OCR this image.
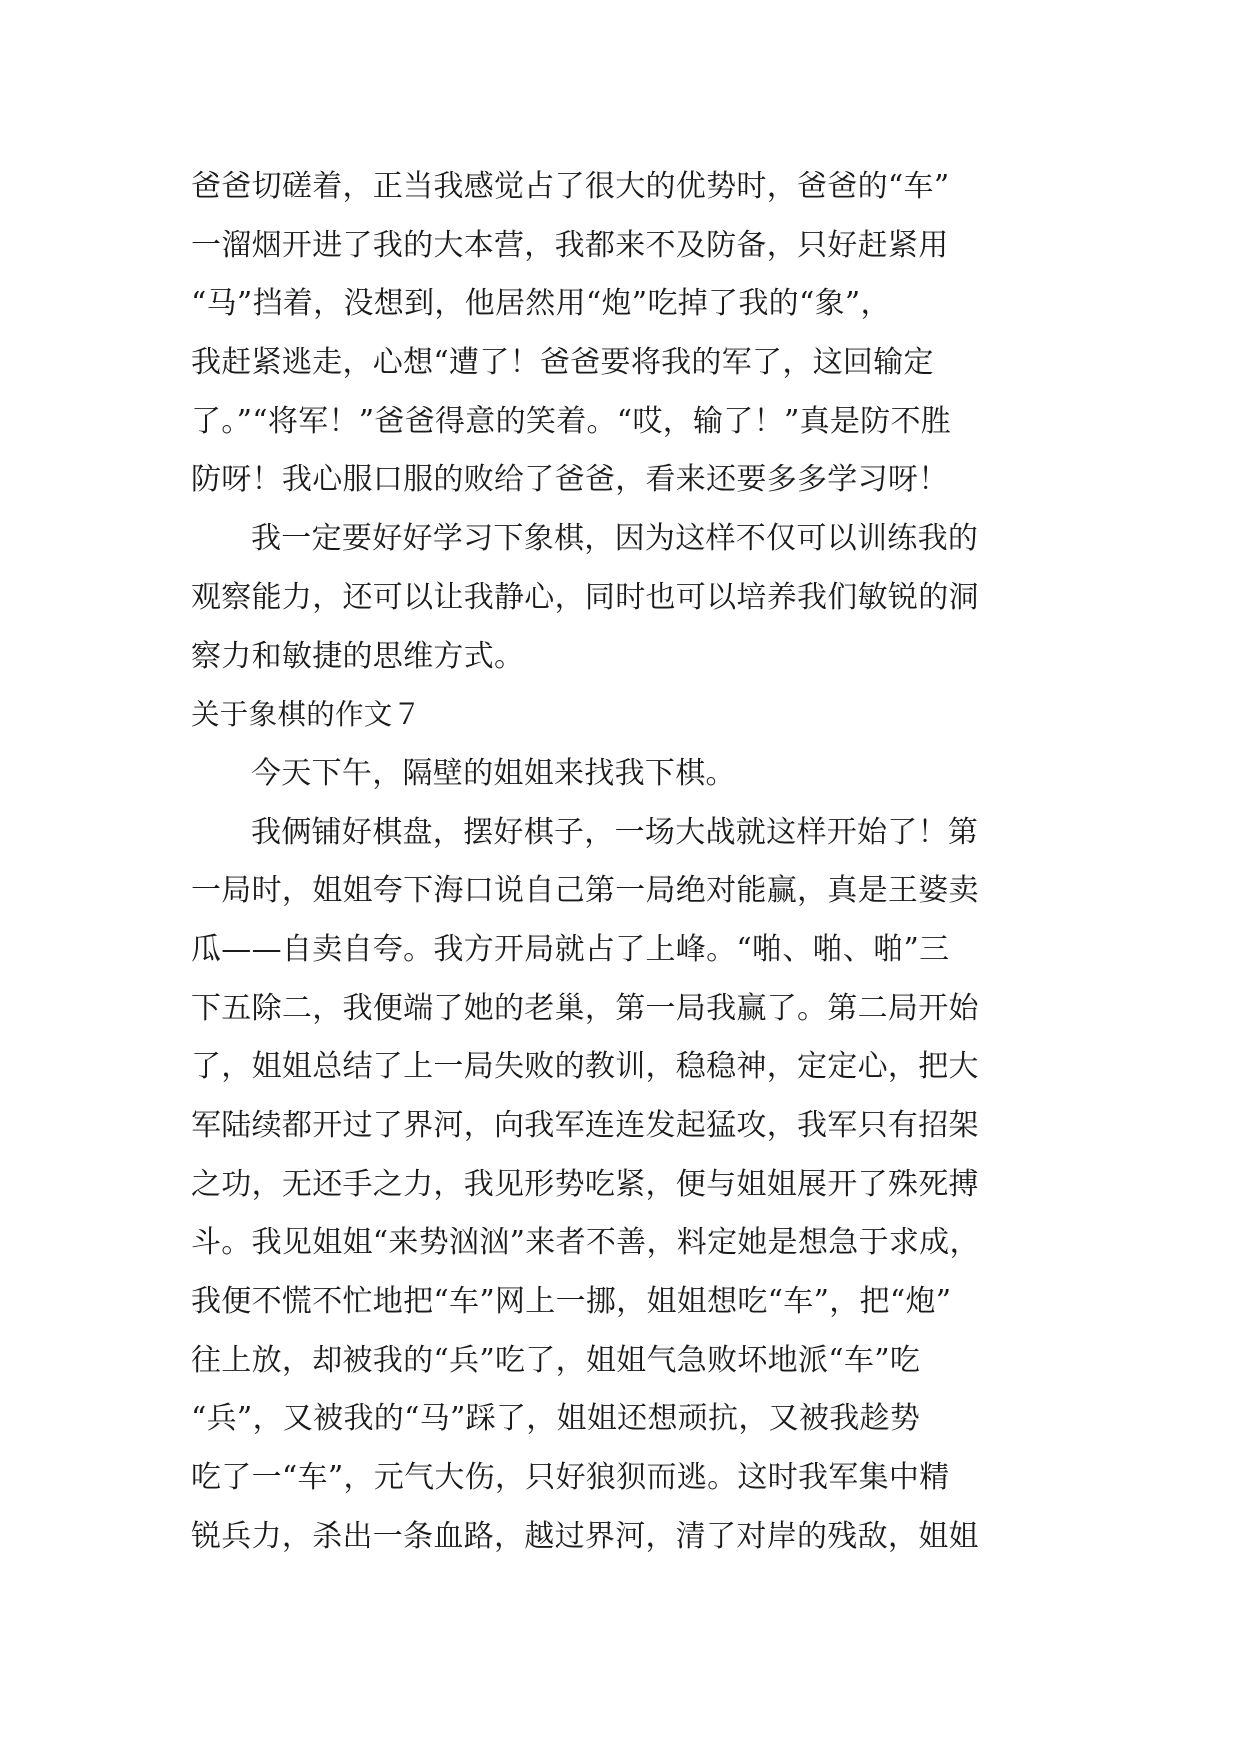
爸爸切磋着，正当我感觉占了很大的优势时，爸爸的“车”
一溜烟开进了我的大本营，我都来不及防备，只好赶紧用
“马”挡着，没想到，他居然用“炮”吃掉了我的“象”，
我赶紧逃走，心想“遭了！爸爸要将我的军了，这回输定
了。”“将军！”爸爸得意的笑着。“哎，输了！”真是防不胜
防呀！我心服口服的败给了爸爸，看来还要多多学习呀！
我一定要好好学习下象棋，因为这样不仅可以训练我的
观察能力，还可以让我静心，同时也可以培养我们敏锐的洞
察力和敏捷的思维方式。
关于象棋的作文７
今天下午，隔壁的姐姐来找我下棋。
我俩铺好棋盘，摆好棋子，一场大战就这样开始了！第
一局时，姐姐夸下海口说自己第一局绝对能赢，真是王婆卖
瓜——自卖自夸。我方开局就占了上峰。“啪、啪、啪”三
下五除二，我便端了她的老巢，第一局我赢了。第二局开始
了，姐姐总结了上一局失败的教训，稳稳神，定定心，把大
军陆续都开过了界河，向我军连连发起猛攻，我军只有招架
之功，无还手之力，我见形势吃紧，便与姐姐展开了殊死搏
斗。我见姐姐“来势汹汹”来者不善，料定她是想急于求成，
我便不慌不忙地把“车”网上一挪，姐姐想吃“车”，把“炮”
往上放，却被我的“兵”吃了，姐姐气急败坏地派“车”吃
“兵”，又被我的“马”踩了，姐姐还想顽抗，又被我趁势
吃了一“车”，元气大伤，只好狼狈而逃。这时我军集中精
锐兵力，杀出一条血路，越过界河，清了对岸的残敌，姐姐
